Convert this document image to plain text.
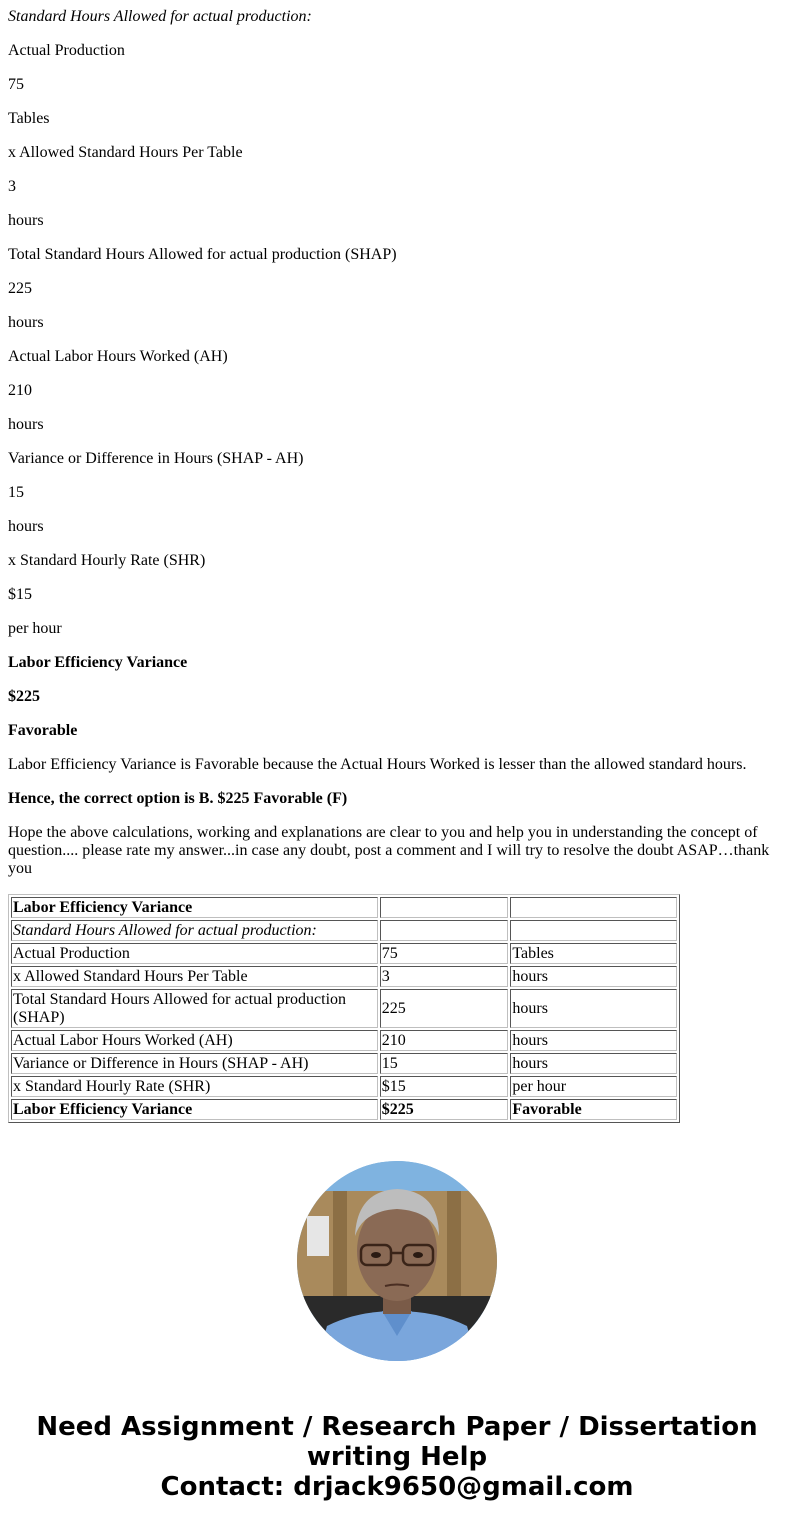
Standard Hours Allowed for actual production:

Actual Production

75

Tables

x Allowed Standard Hours Per Table

3

hours

Total Standard Hours Allowed for actual production (SHAP)

225

hours

Actual Labor Hours Worked (AH)

210

hours

Variance or Difference in Hours (SHAP - AH)

15

hours

x Standard Hourly Rate (SHR)

$15

per hour

Labor Efficiency Variance

$225

Favorable

Labor Efficiency Variance is Favorable because the Actual Hours Worked is lesser than the allowed standard hours.

Hence, the correct option is B. $225 Favorable (F)

Hope the above calculations, working and explanations are clear to you and help you in understanding the concept of question.... please rate my answer...in case any doubt, post a comment and I will try to resolve the doubt ASAP…thank you

Labor Efficiency Variance		
Standard Hours Allowed for actual production:		
Actual Production	75	Tables
x Allowed Standard Hours Per Table	3	hours
Total Standard Hours Allowed for actual production (SHAP)	225	hours
Actual Labor Hours Worked (AH)	210	hours
Variance or Difference in Hours (SHAP - AH)	15	hours
x Standard Hourly Rate (SHR)	$15	per hour
Labor Efficiency Variance	$225	Favorable
Need Assignment / Research Paper / Dissertation
writing Help
Contact: drjack9650@gmail.com
